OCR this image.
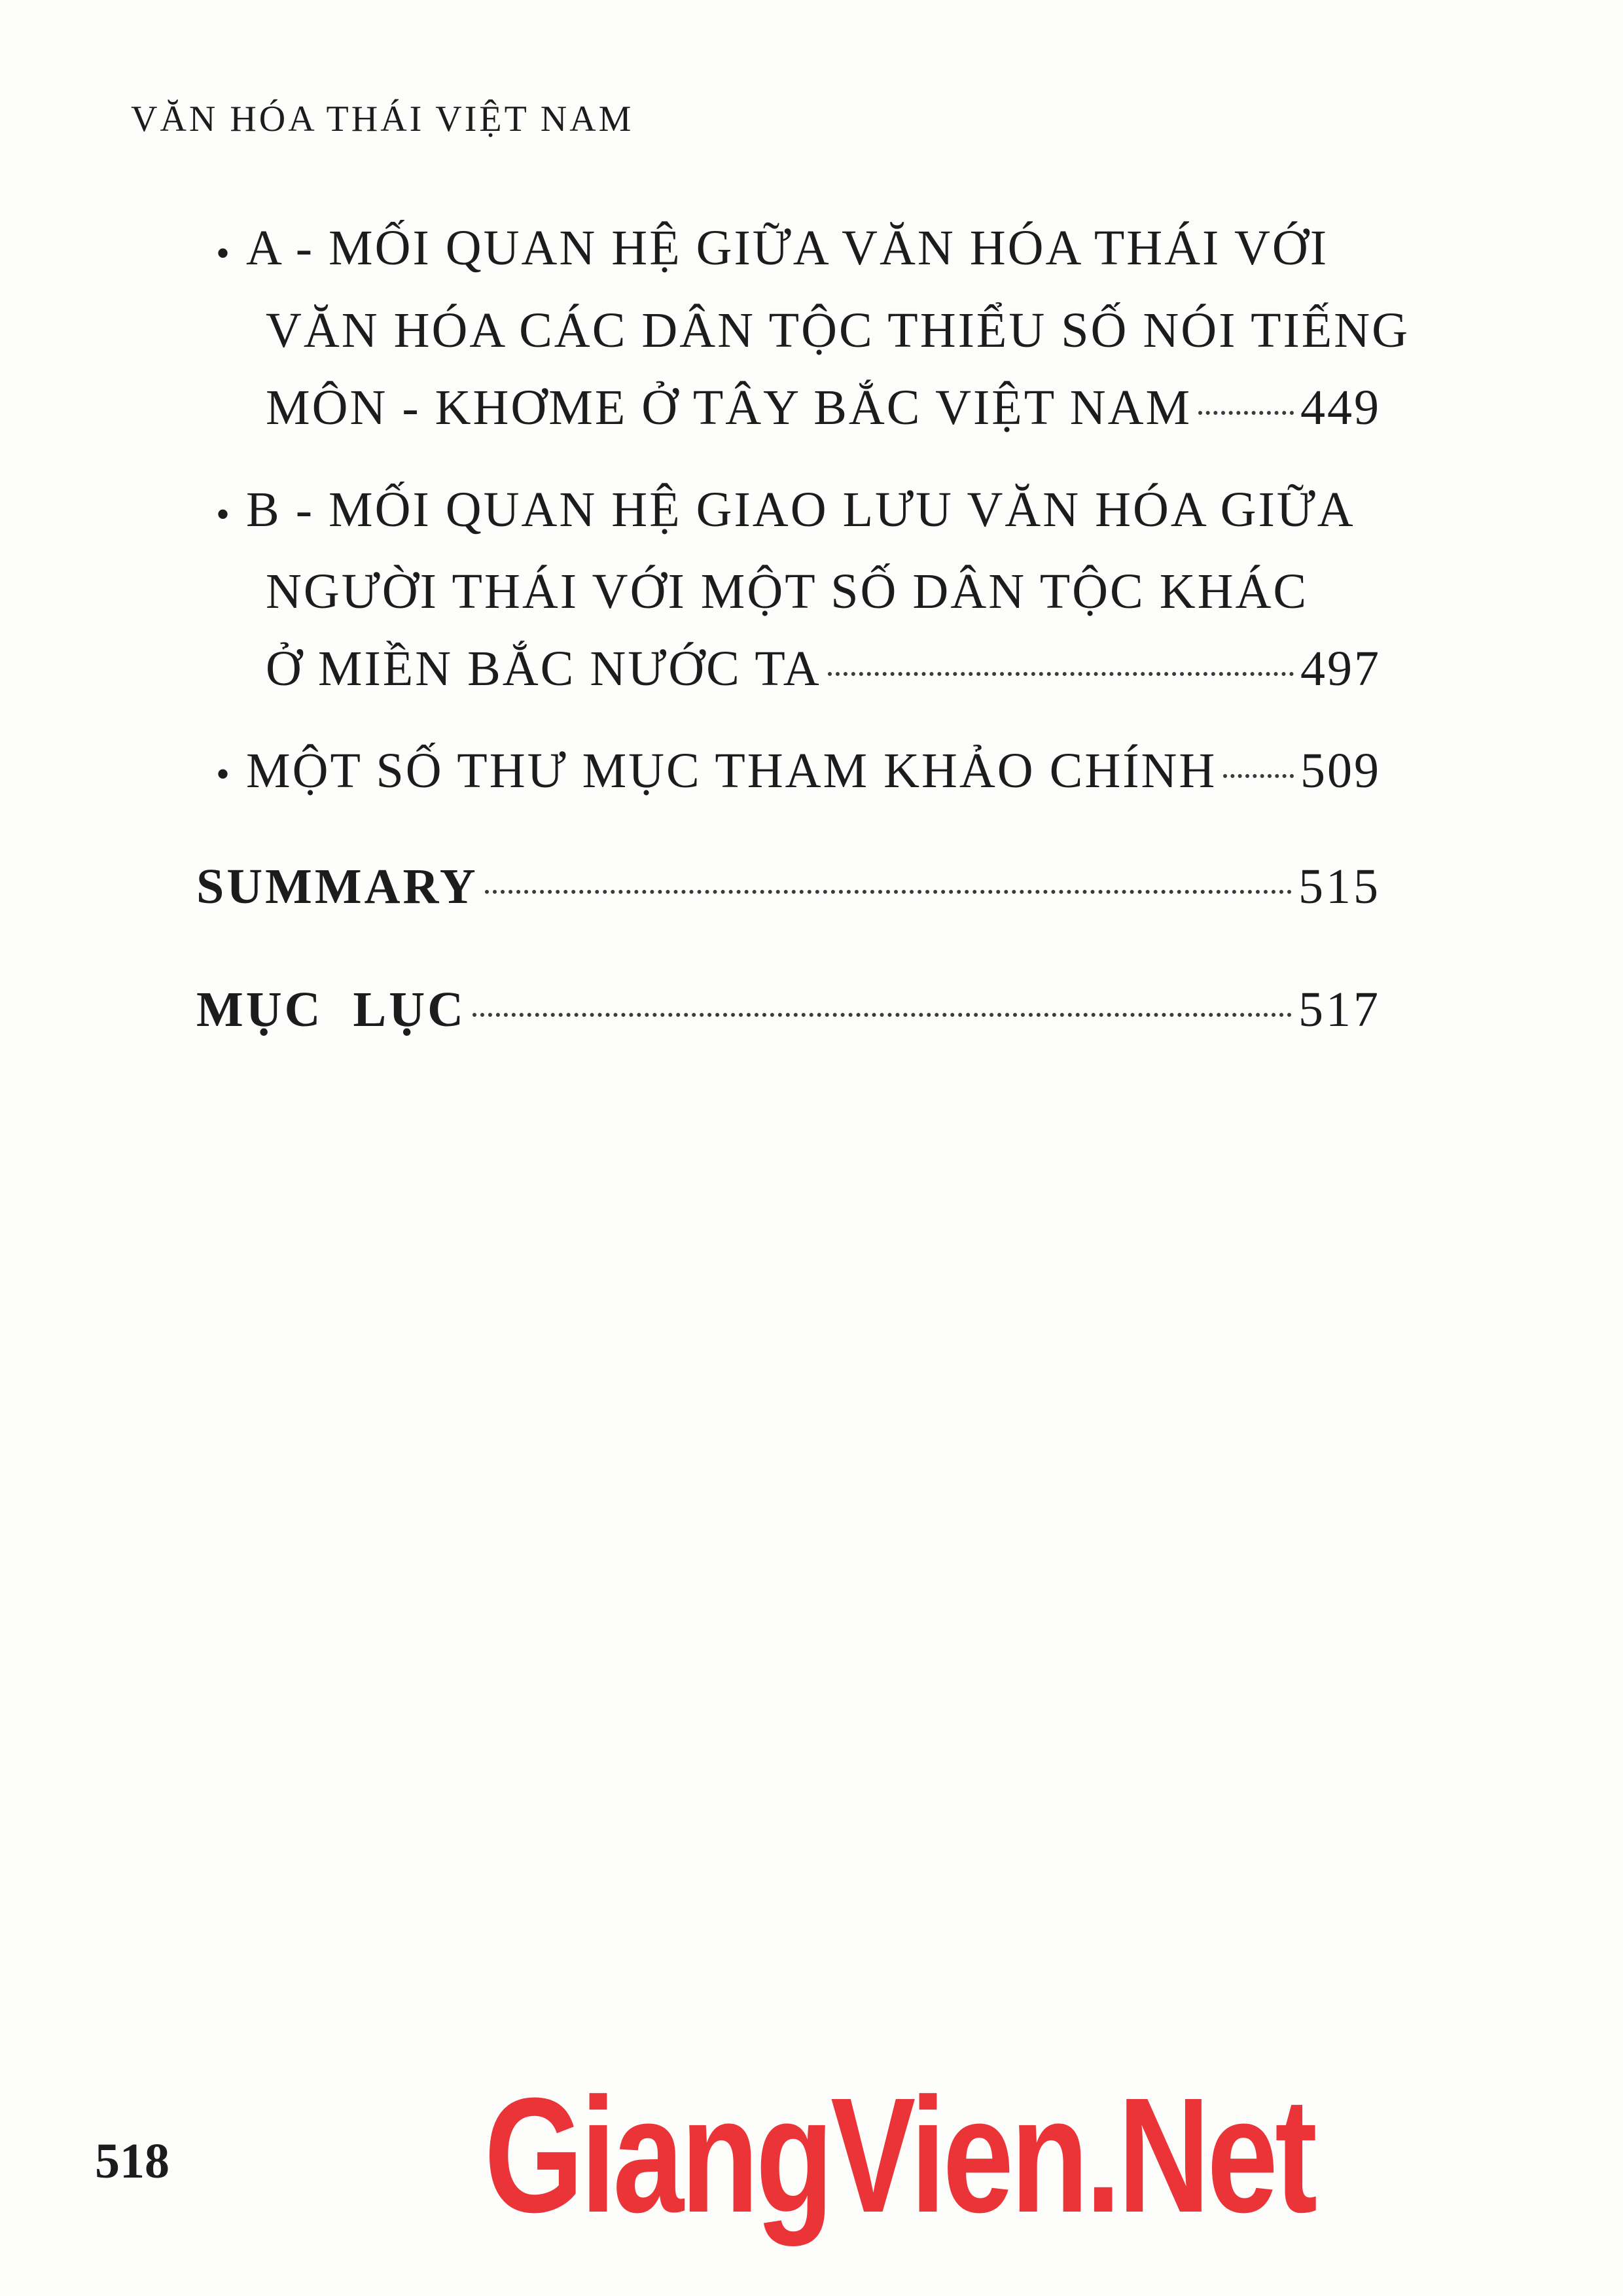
VĂN HÓA THÁI VIỆT NAM
• A - MỐI QUAN HỆ GIỮA VĂN HÓA THÁI VỚI
VĂN HÓA CÁC DÂN TỘC THIỂU SỐ NÓI TIẾNG
MÔN - KHƠME Ở TÂY BẮC VIỆT NAM 449
• B - MỐI QUAN HỆ GIAO LƯU VĂN HÓA GIỮA
NGƯỜI THÁI VỚI MỘT SỐ DÂN TỘC KHÁC
Ở MIỀN BẮC NƯỚC TA	497
• MỘT SỐ THƯ MỤC THAM KHẢO CHÍNH 509
SUMMARY	515
MỤC  LỤC	517
518 GiangVien.Net
